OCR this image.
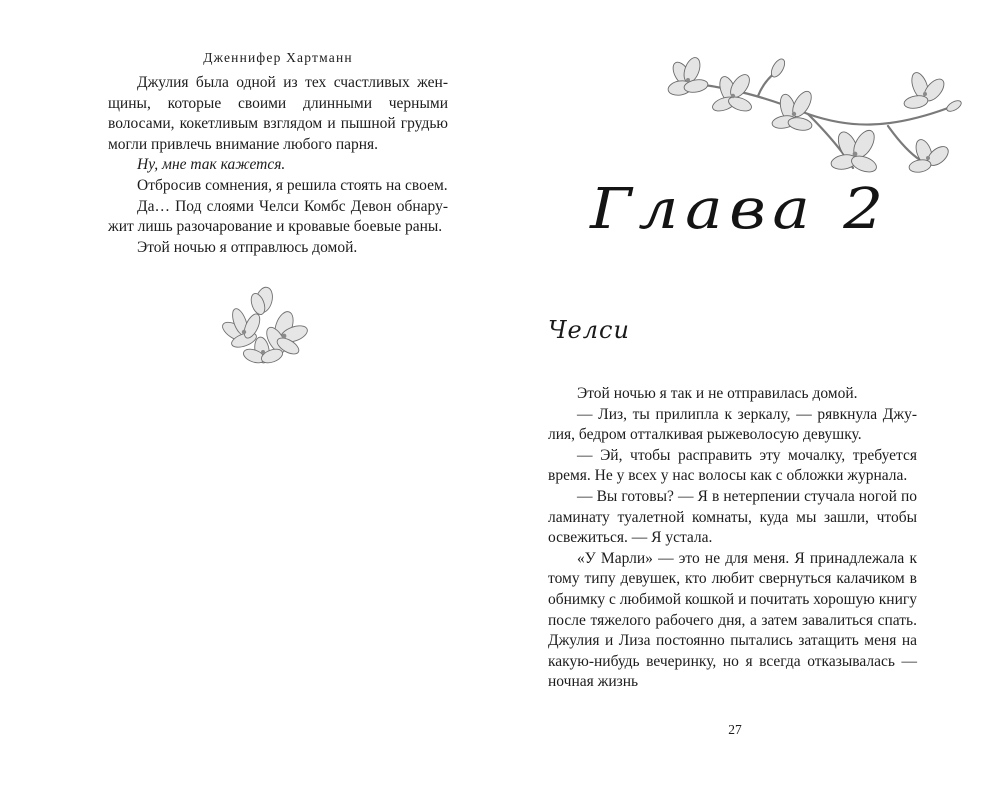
Дженнифер Хартманн

Джулия была одной из тех счастливых женщины, которые своими длинными черными волосами, кокетливым взглядом и пышной грудью могли привлечь внимание любого парня.

Ну, мне так кажется.

Отбросив сомнения, я решила стоять на своем.

Да… Под слоями Челси Комбс Девон обнаружит лишь разочарование и кровавые боевые раны.

Этой ночью я отправлюсь домой.

Глава 2
Челси

Этой ночью я так и не отправилась домой.

— Лиз, ты прилипла к зеркалу, — рявкнула Джулия, бедром отталкивая рыжеволосую девушку.

— Эй, чтобы расправить эту мочалку, требуется время. Не у всех у нас волосы как с обложки журнала.

— Вы готовы? — Я в нетерпении стучала ногой по ламинату туалетной комнаты, куда мы зашли, чтобы освежиться. — Я устала.

«У Марли» — это не для меня. Я принадлежала к тому типу девушек, кто любит свернуться калачиком в обнимку с любимой кошкой и почитать хорошую книгу после тяжелого рабочего дня, а затем завалиться спать. Джулия и Лиза постоянно пытались затащить меня на какую-нибудь вечеринку, но я всегда отказывалась — ночная жизнь

27
